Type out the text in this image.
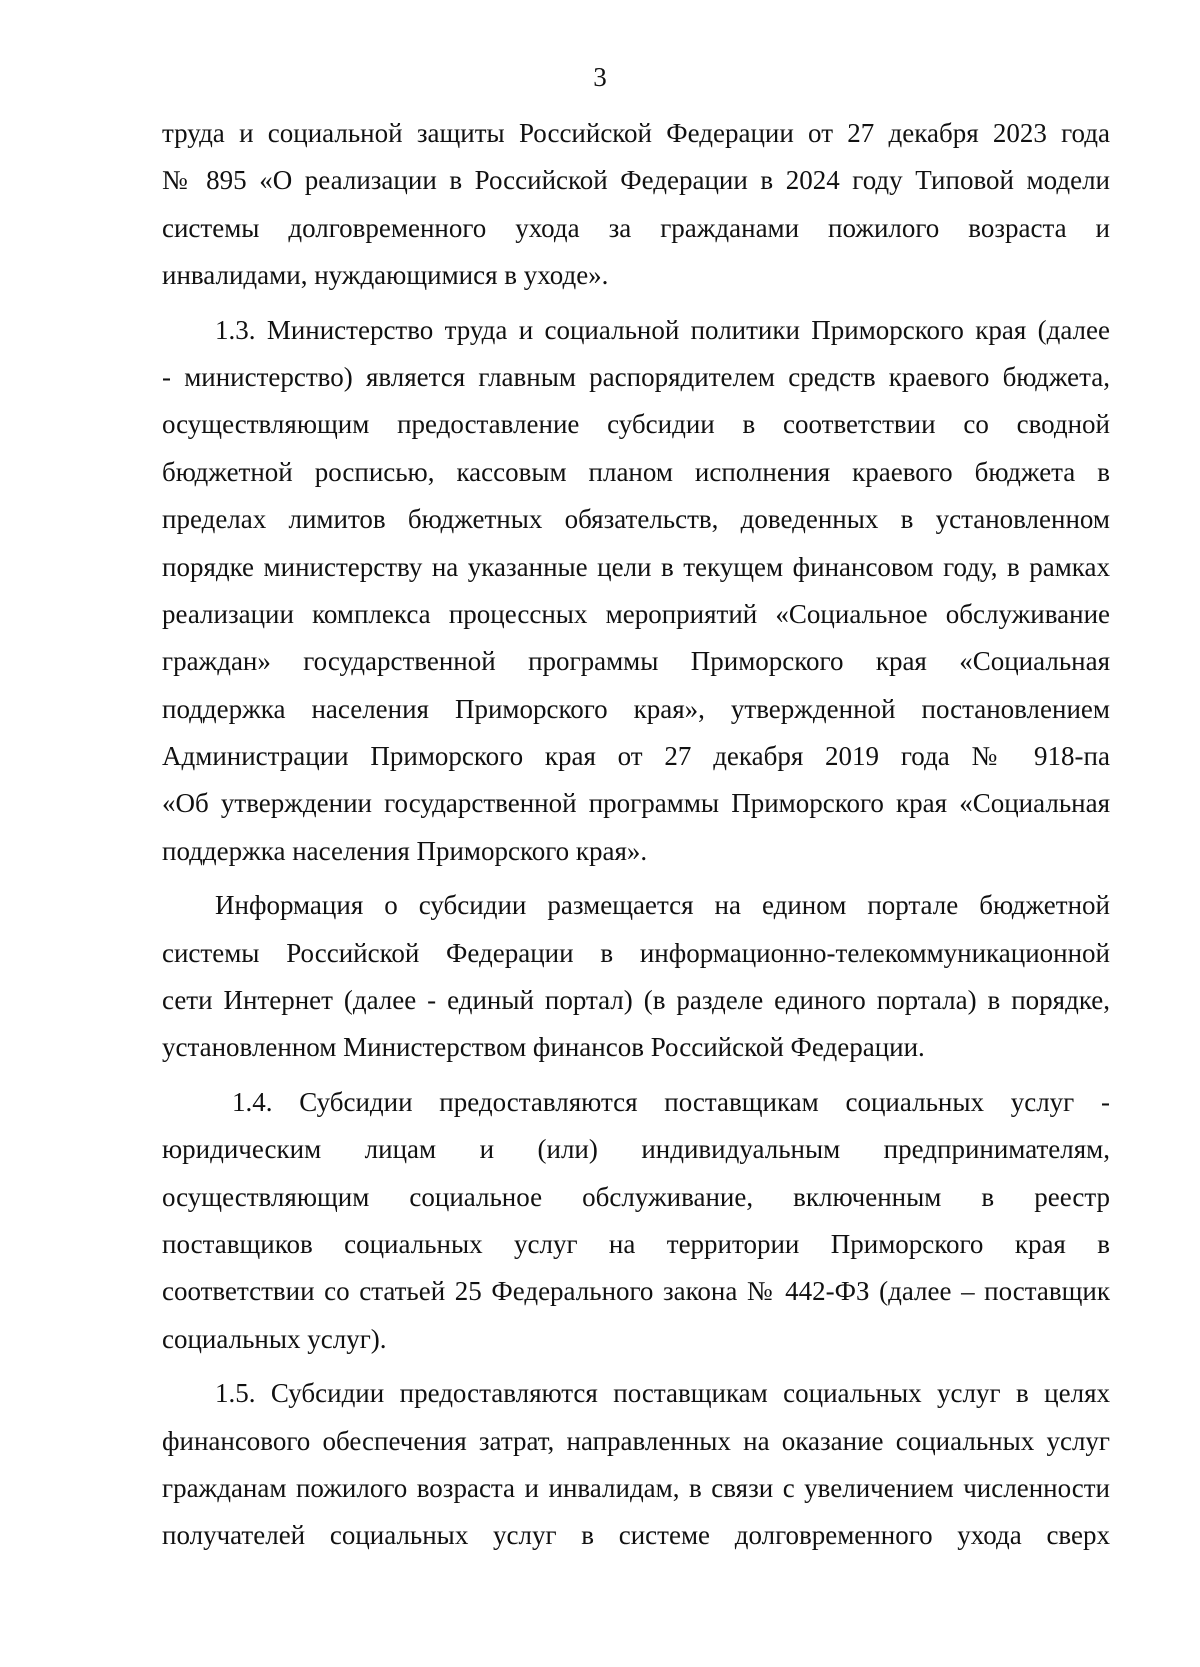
3
труда и социальной защиты Российской Федерации от 27 декабря 2023 года
№ 895 «О реализации в Российской Федерации в 2024 году Типовой модели
системы долговременного ухода за гражданами пожилого возраста и
инвалидами, нуждающимися в уходе».
1.3. Министерство труда и социальной политики Приморского края (далее
- министерство) является главным распорядителем средств краевого бюджета,
осуществляющим предоставление субсидии в соответствии со сводной
бюджетной росписью, кассовым планом исполнения краевого бюджета в
пределах лимитов бюджетных обязательств, доведенных в установленном
порядке министерству на указанные цели в текущем финансовом году, в рамках
реализации комплекса процессных мероприятий «Социальное обслуживание
граждан» государственной программы Приморского края «Социальная
поддержка населения Приморского края», утвержденной постановлением
Администрации Приморского края от 27 декабря 2019 года № 918-па
«Об утверждении государственной программы Приморского края «Социальная
поддержка населения Приморского края».
Информация о субсидии размещается на едином портале бюджетной
системы Российской Федерации в информационно-телекоммуникационной
сети Интернет (далее - единый портал) (в разделе единого портала) в порядке,
установленном Министерством финансов Российской Федерации.
1.4. Субсидии предоставляются поставщикам социальных услуг -
юридическим лицам и (или) индивидуальным предпринимателям,
осуществляющим социальное обслуживание, включенным в реестр
поставщиков социальных услуг на территории Приморского края в
соответствии со статьей 25 Федерального закона № 442-ФЗ (далее – поставщик
социальных услуг).
1.5. Субсидии предоставляются поставщикам социальных услуг в целях
финансового обеспечения затрат, направленных на оказание социальных услуг
гражданам пожилого возраста и инвалидам, в связи с увеличением численности
получателей социальных услуг в системе долговременного ухода сверх
